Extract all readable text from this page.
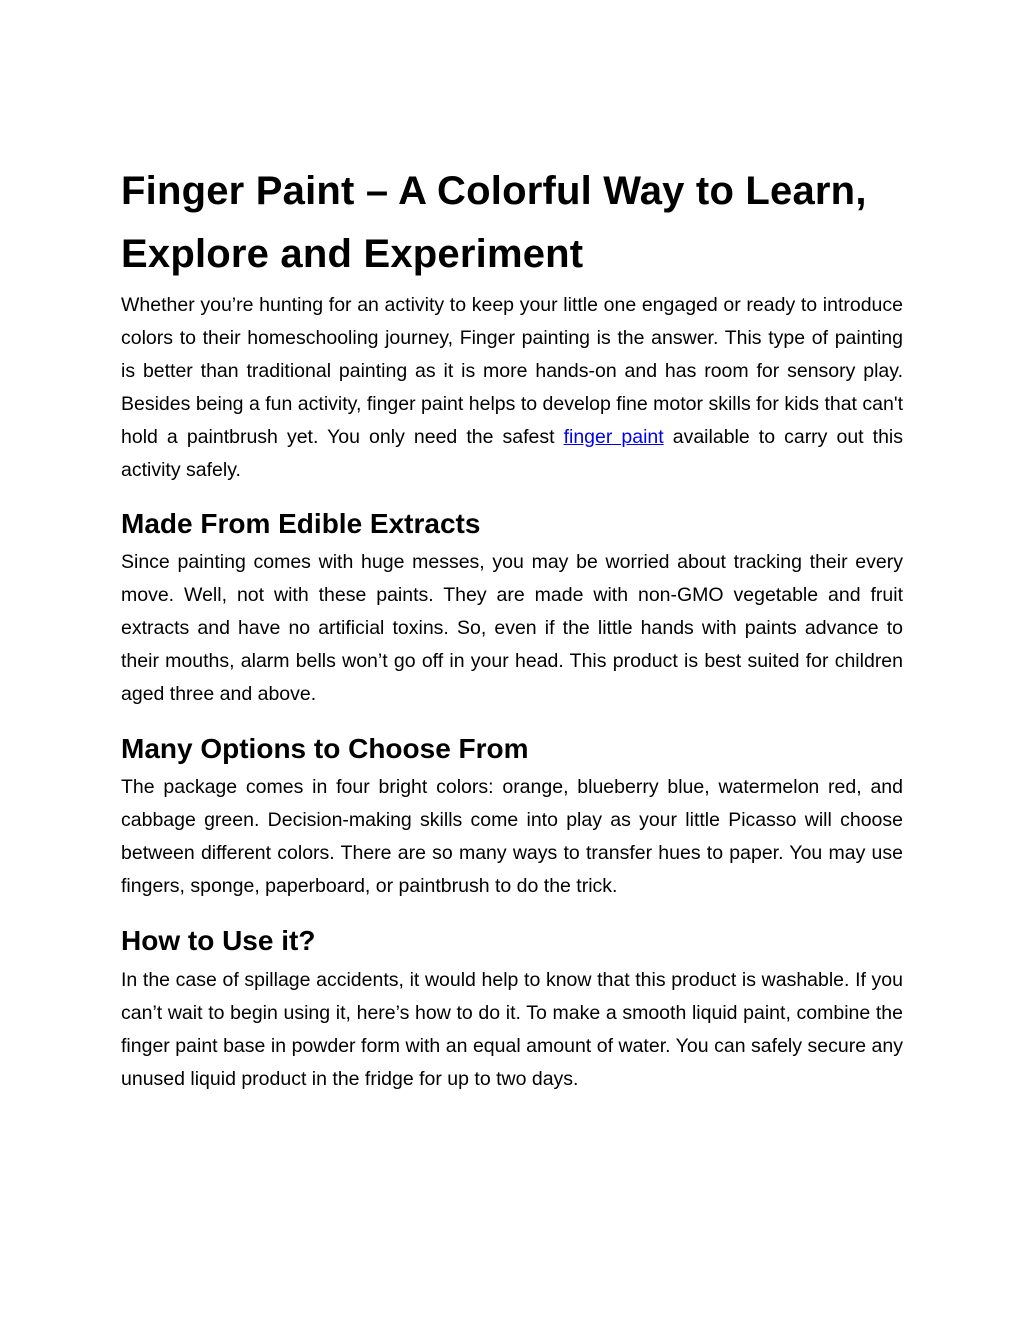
Finger Paint – A Colorful Way to Learn, Explore and Experiment

Whether you’re hunting for an activity to keep your little one engaged or ready to introduce colors to their homeschooling journey, Finger painting is the answer. This type of painting is better than traditional painting as it is more hands-on and has room for sensory play. Besides being a fun activity, finger paint helps to develop fine motor skills for kids that can't hold a paintbrush yet. You only need the safest finger paint available to carry out this activity safely.

Made From Edible Extracts

Since painting comes with huge messes, you may be worried about tracking their every move. Well, not with these paints. They are made with non-GMO vegetable and fruit extracts and have no artificial toxins. So, even if the little hands with paints advance to their mouths, alarm bells won’t go off in your head. This product is best suited for children aged three and above.

Many Options to Choose From

The package comes in four bright colors: orange, blueberry blue, watermelon red, and cabbage green. Decision-making skills come into play as your little Picasso will choose between different colors. There are so many ways to transfer hues to paper. You may use fingers, sponge, paperboard, or paintbrush to do the trick.

How to Use it?

In the case of spillage accidents, it would help to know that this product is washable. If you can’t wait to begin using it, here’s how to do it. To make a smooth liquid paint, combine the finger paint base in powder form with an equal amount of water. You can safely secure any unused liquid product in the fridge for up to two days.
